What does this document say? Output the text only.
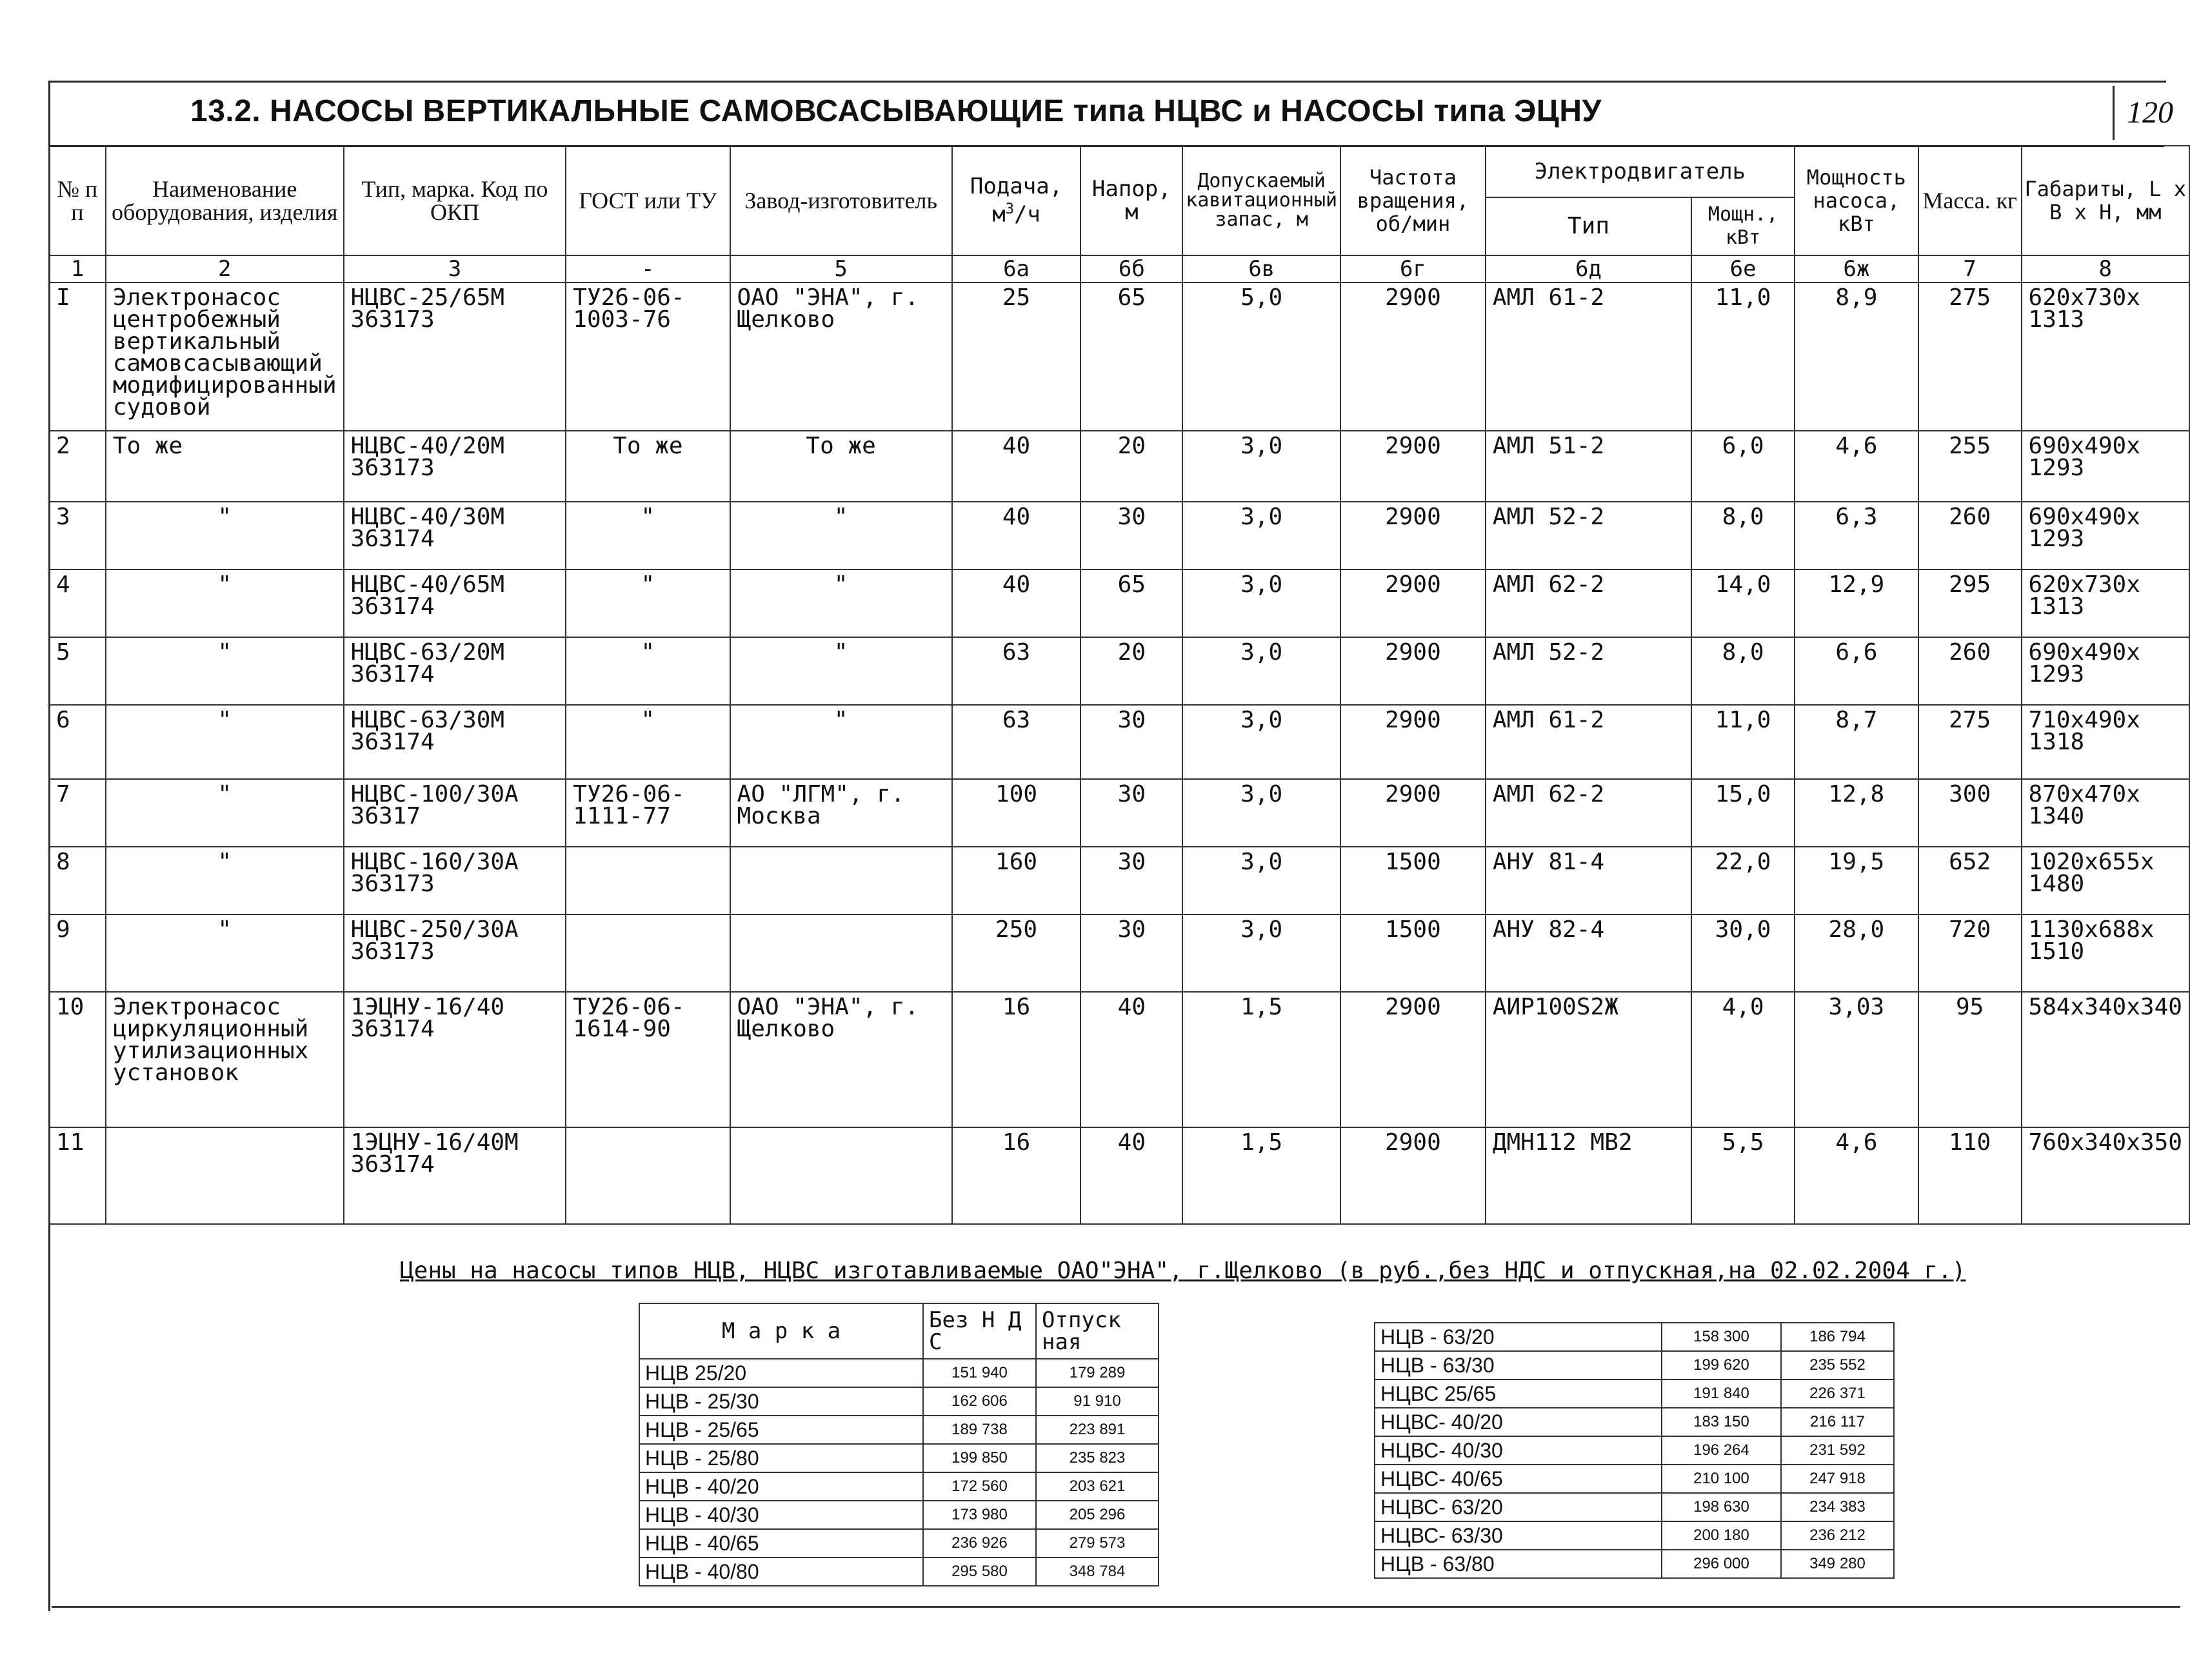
13.2. НАСОСЫ ВЕРТИКАЛЬНЫЕ САМОВСАСЫВАЮЩИЕ типа НЦВС и НАСОСЫ типа ЭЦНУ	120
№ п п	Наименование оборудования, изделия	Тип, марка. Код по ОКП	ГОСТ или ТУ	Завод-изготовитель	Подача, $м^3/ч$	Напор, м	Допускаемый кавитационный запас, м	Частота вращения, об/мин	Электродвигатель		Мощность насоса, кВт	Масса. кг	Габариты, L х В х Н, мм
									Тип	Мощн., кВт			
1	2	3	-	5	6а	6б	6в	6г	6д	6е	6ж	7	8
I	Электронасос центробежный вертикальный самовсасывающий модифицированный судовой	НЦВС-25/65М 363173	ТУ26-06-1003-76	ОАО "ЭНА", г. Щелково	25	65	5,0	2900	АМЛ 61-2	11,0	8,9	275	620x730x 1313
2	То же	НЦВС-40/20М 363173	То же	То же	40	20	3,0	2900	АМЛ 51-2	6,0	4,6	255	690x490x 1293
3	"	НЦВС-40/30М 363174	"	"	40	30	3,0	2900	АМЛ 52-2	8,0	6,3	260	690x490x 1293
4	"	НЦВС-40/65М 363174	"	"	40	65	3,0	2900	АМЛ 62-2	14,0	12,9	295	620x730x 1313
5	"	НЦВС-63/20М 363174	"	"	63	20	3,0	2900	АМЛ 52-2	8,0	6,6	260	690x490x 1293
6	"	НЦВС-63/30М 363174	"	"	63	30	3,0	2900	АМЛ 61-2	11,0	8,7	275	710x490x 1318
7	"	НЦВС-100/30А 36317	ТУ26-06-1111-77	АО "ЛГМ", г. Москва	100	30	3,0	2900	АМЛ 62-2	15,0	12,8	300	870x470x 1340
8	"	НЦВС-160/30А 363173			160	30	3,0	1500	АНУ 81-4	22,0	19,5	652	1020x655x 1480
9	"	НЦВС-250/30А 363173			250	30	3,0	1500	АНУ 82-4	30,0	28,0	720	1130x688x 1510
10	Электронасос циркуляционный утилизационных установок	1ЭЦНУ-16/40 363174	ТУ26-06-1614-90	ОАО "ЭНА", г. Щелково	16	40	1,5	2900	АИР100S2Ж	4,0	3,03	95	584x340x340
11		1ЭЦНУ-16/40М 363174			16	40	1,5	2900	ДМН112 МВ2	5,5	4,6	110	760x340x350
Цены на насосы типов НЦВ, НЦВС изготавливаемые ОАО"ЭНА", г.Щелково (в руб.,без НДС и отпускная,на 02.02.2004 г.)
М а р к а	Без Н Д С	Отпуск ная
НЦВ 25/20	151 940	179 289
НЦВ - 25/30	162 606	91 910
НЦВ - 25/65	189 738	223 891
НЦВ - 25/80	199 850	235 823
НЦВ - 40/20	172 560	203 621
НЦВ - 40/30	173 980	205 296
НЦВ - 40/65	236 926	279 573
НЦВ - 40/80	295 580	348 784
НЦВ - 63/20	158 300	186 794
НЦВ - 63/30	199 620	235 552
НЦВС 25/65	191 840	226 371
НЦВС- 40/20	183 150	216 117
НЦВС- 40/30	196 264	231 592
НЦВС- 40/65	210 100	247 918
НЦВС- 63/20	198 630	234 383
НЦВС- 63/30	200 180	236 212
НЦВ - 63/80	296 000	349 280
